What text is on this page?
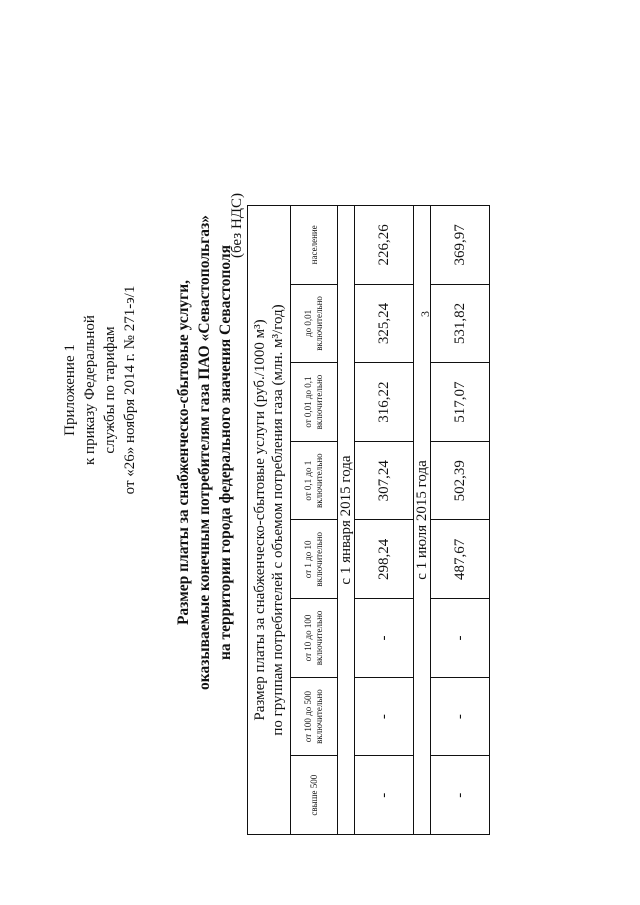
Приложение 1 к приказу Федеральной службы по тарифам от «26» ноября 2014 г. № 271-э/1 Размер платы за снабженческо-сбытовые услуги, оказываемые конечным потребителям газа ПАО «Севастопольгаз» на территории города федерального значения Севастополя
(без НДС)
Размер платы за снабженческо-сбытовые услуги (руб./1000 м³) по группам потребителей с объемом потребления газа (млн. м³/год)							

свыше 500	от 100 до 500 включительно	от 10 до 100 включительно	от 1 до 10 включительно	от 0,1 до 1 включительно	от 0,01 до 0,1 включительно	до 0,01 включительно	население
с 1 января 2015 года							
-	-	-	298,24	307,24	316,22	325,24	226,26
с 1 июля 2015 года							
-	-	-	487,67	502,39	517,07	531,82	369,97
3
